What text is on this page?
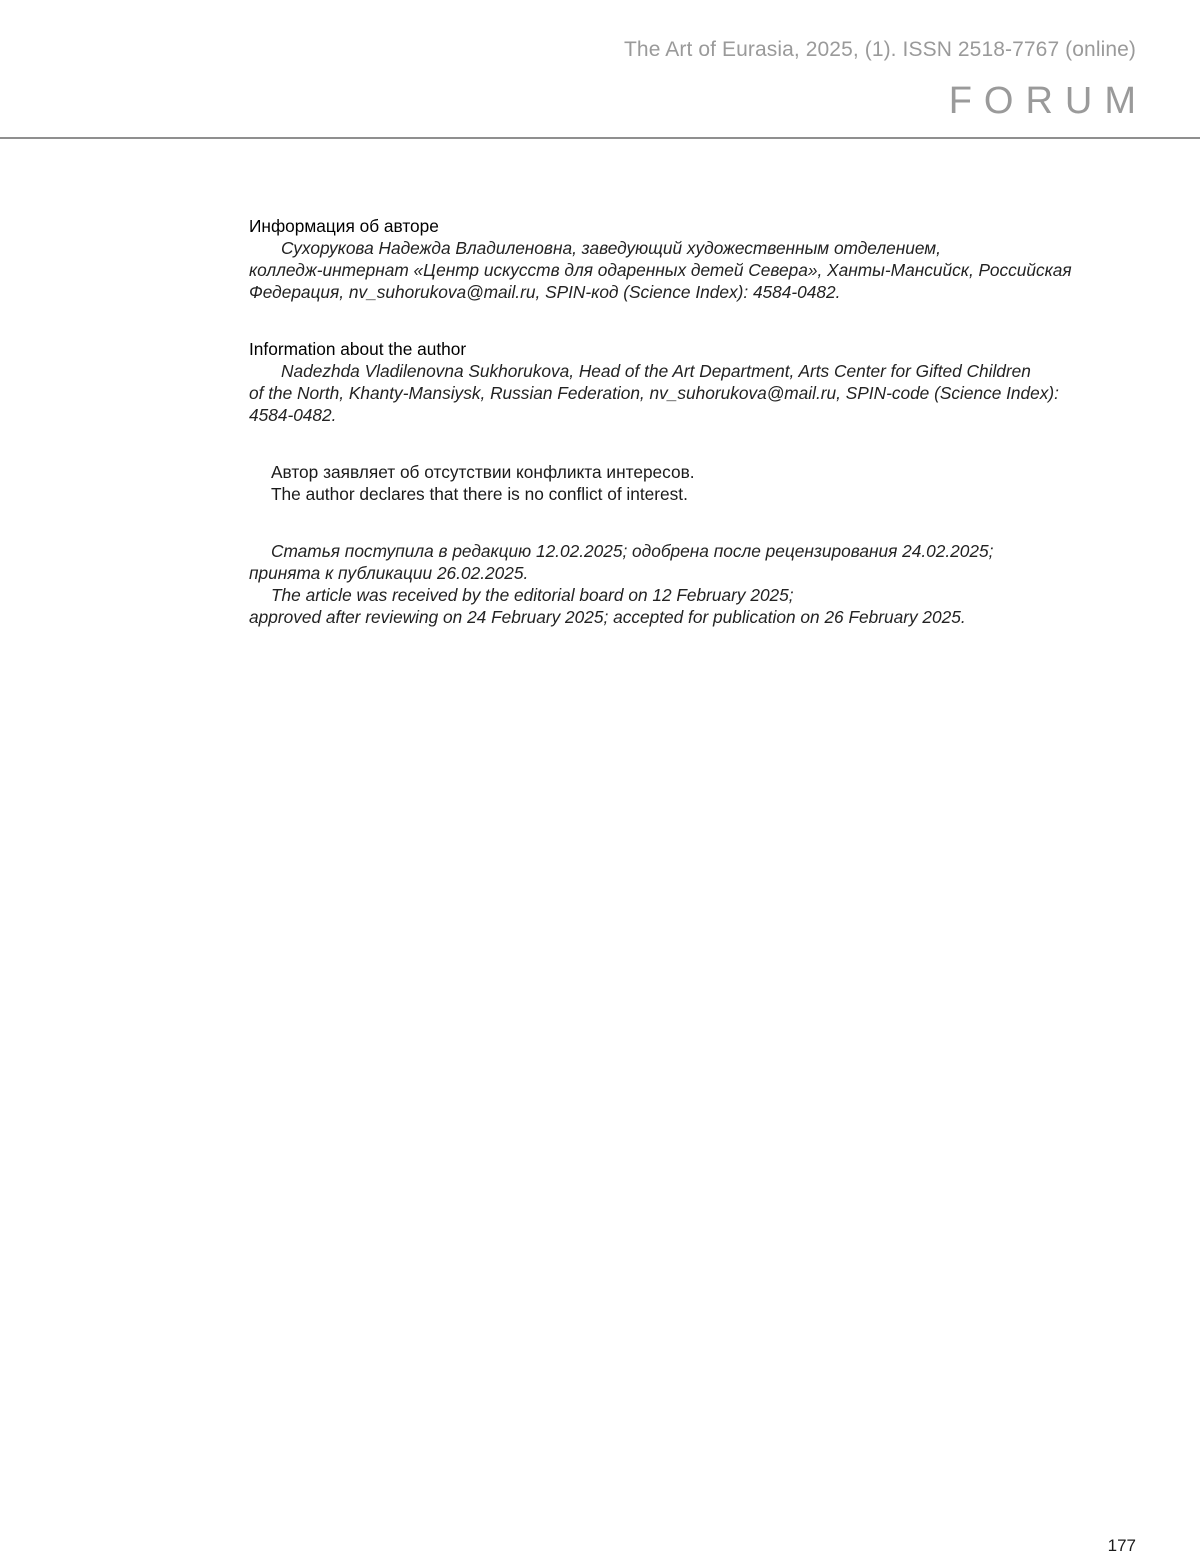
The Art of Eurasia, 2025, (1). ISSN 2518-7767 (online)
FORUM
Информация об авторе
Сухорукова Надежда Владиленовна, заведующий художественным отделением,
колледж-интернат «Центр искусств для одаренных детей Севера», Ханты-Мансийск, Российская
Федерация, nv_suhorukova@mail.ru, SPIN-код (Science Index): 4584-0482.
Information about the author
Nadezhda Vladilenovna Sukhorukova, Head of the Art Department, Arts Center for Gifted Children
of the North, Khanty-Mansiysk, Russian Federation, nv_suhorukova@mail.ru, SPIN-code (Science Index):
4584-0482.
Автор заявляет об отсутствии конфликта интересов.
The author declares that there is no conflict of interest.
Статья поступила в редакцию 12.02.2025; одобрена после рецензирования 24.02.2025;
принята к публикации 26.02.2025.
The article was received by the editorial board on 12 February 2025;
approved after reviewing on 24 February 2025; accepted for publication on 26 February 2025.
177
